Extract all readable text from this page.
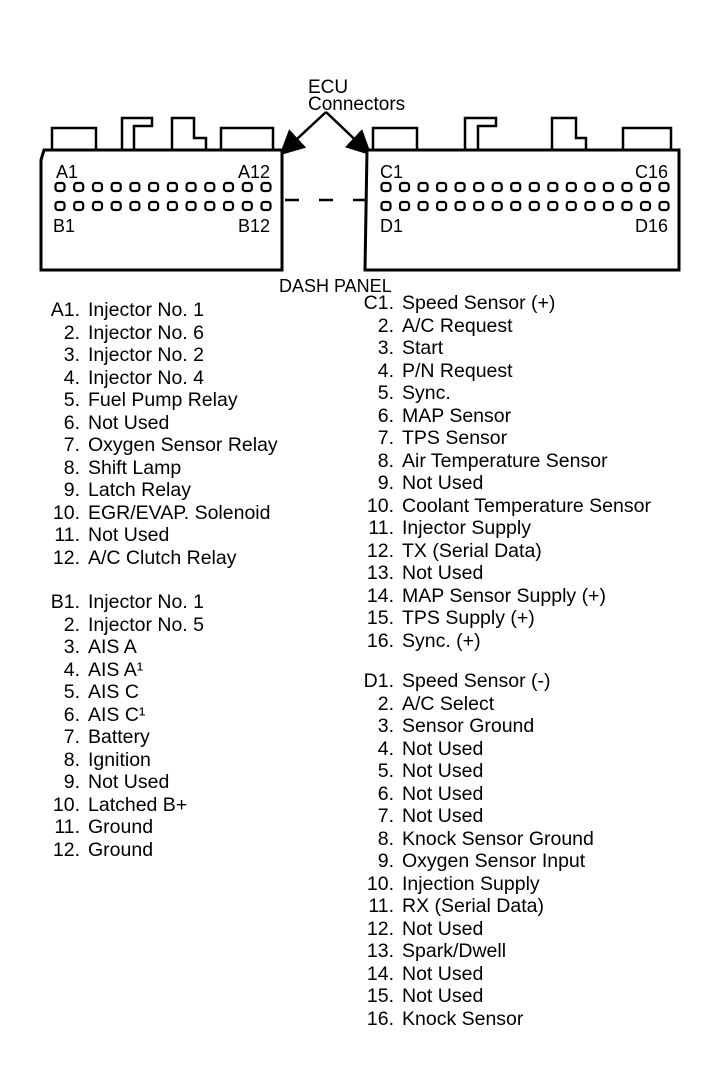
ECU
Connectors
A1	A12
B1	B12
C1	C16
D1	D16
DASH PANEL
A1. Injector No. 1
2. Injector No. 6
3. Injector No. 2
4. Injector No. 4
5. Fuel Pump Relay
6. Not Used
7. Oxygen Sensor Relay
8. Shift Lamp
9. Latch Relay
10. EGR/EVAP. Solenoid
11. Not Used
12. A/C Clutch Relay
B1. Injector No. 1
2. Injector No. 5
3. AIS A
4. AIS A¹
5. AIS C
6. AIS C¹
7. Battery
8. Ignition
9. Not Used
10. Latched B+
11. Ground
12. Ground
C1. Speed Sensor (+)
2. A/C Request
3. Start
4. P/N Request
5. Sync.
6. MAP Sensor
7. TPS Sensor
8. Air Temperature Sensor
9. Not Used
10. Coolant Temperature Sensor
11. Injector Supply
12. TX (Serial Data)
13. Not Used
14. MAP Sensor Supply (+)
15. TPS Supply (+)
16. Sync. (+)
D1. Speed Sensor (-)
2. A/C Select
3. Sensor Ground
4. Not Used
5. Not Used
6. Not Used
7. Not Used
8. Knock Sensor Ground
9. Oxygen Sensor Input
10. Injection Supply
11. RX (Serial Data)
12. Not Used
13. Spark/Dwell
14. Not Used
15. Not Used
16. Knock Sensor
